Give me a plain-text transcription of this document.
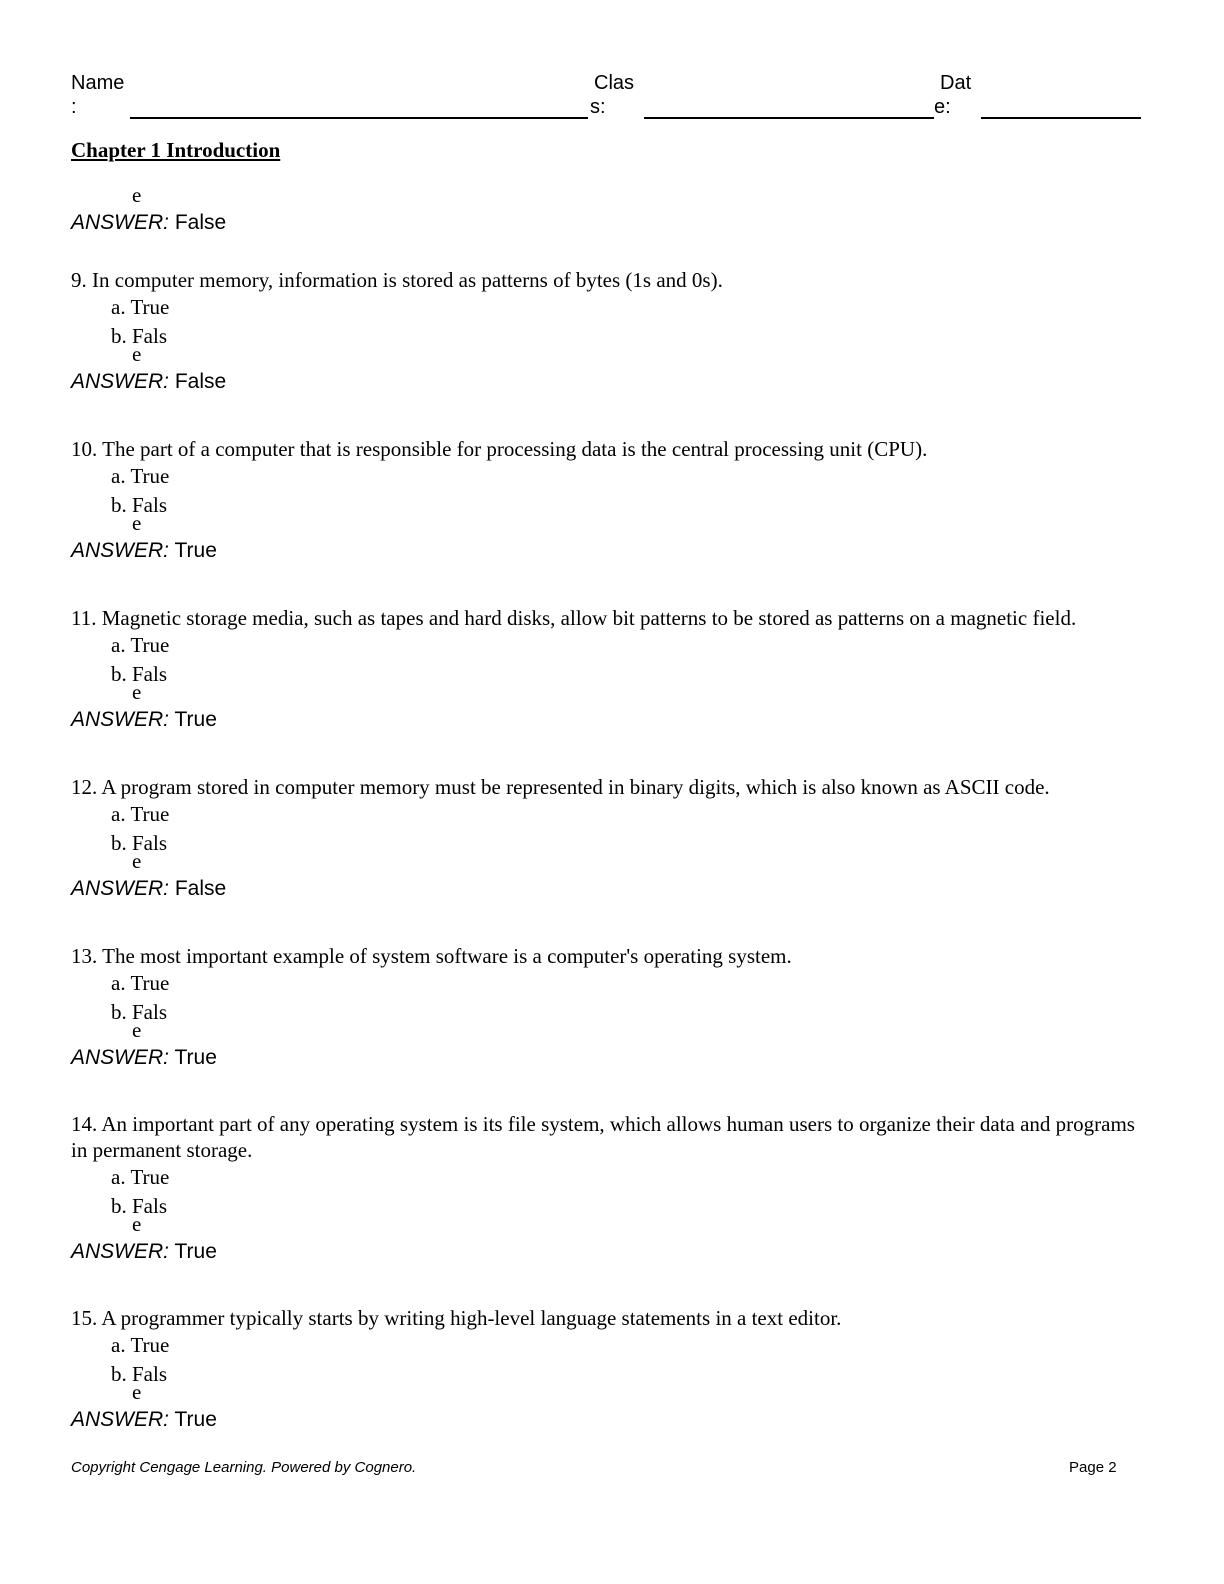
Name
:
Clas
s:
Dat
e:
Chapter 1 Introduction
e
ANSWER: False
9. In computer memory, information is stored as patterns of bytes (1s and 0s).
a. True
b. Fals
e
ANSWER: False
10. The part of a computer that is responsible for processing data is the central processing unit (CPU).
a. True
b. Fals
e
ANSWER: True
11. Magnetic storage media, such as tapes and hard disks, allow bit patterns to be stored as patterns on a magnetic field.
a. True
b. Fals
e
ANSWER: True
12. A program stored in computer memory must be represented in binary digits, which is also known as ASCII code.
a. True
b. Fals
e
ANSWER: False
13. The most important example of system software is a computer's operating system.
a. True
b. Fals
e
ANSWER: True
14. An important part of any operating system is its file system, which allows human users to organize their data and programs in permanent storage.
a. True
b. Fals
e
ANSWER: True
15. A programmer typically starts by writing high-level language statements in a text editor.
a. True
b. Fals
e
ANSWER: True
Copyright Cengage Learning. Powered by Cognero.	Page 2
